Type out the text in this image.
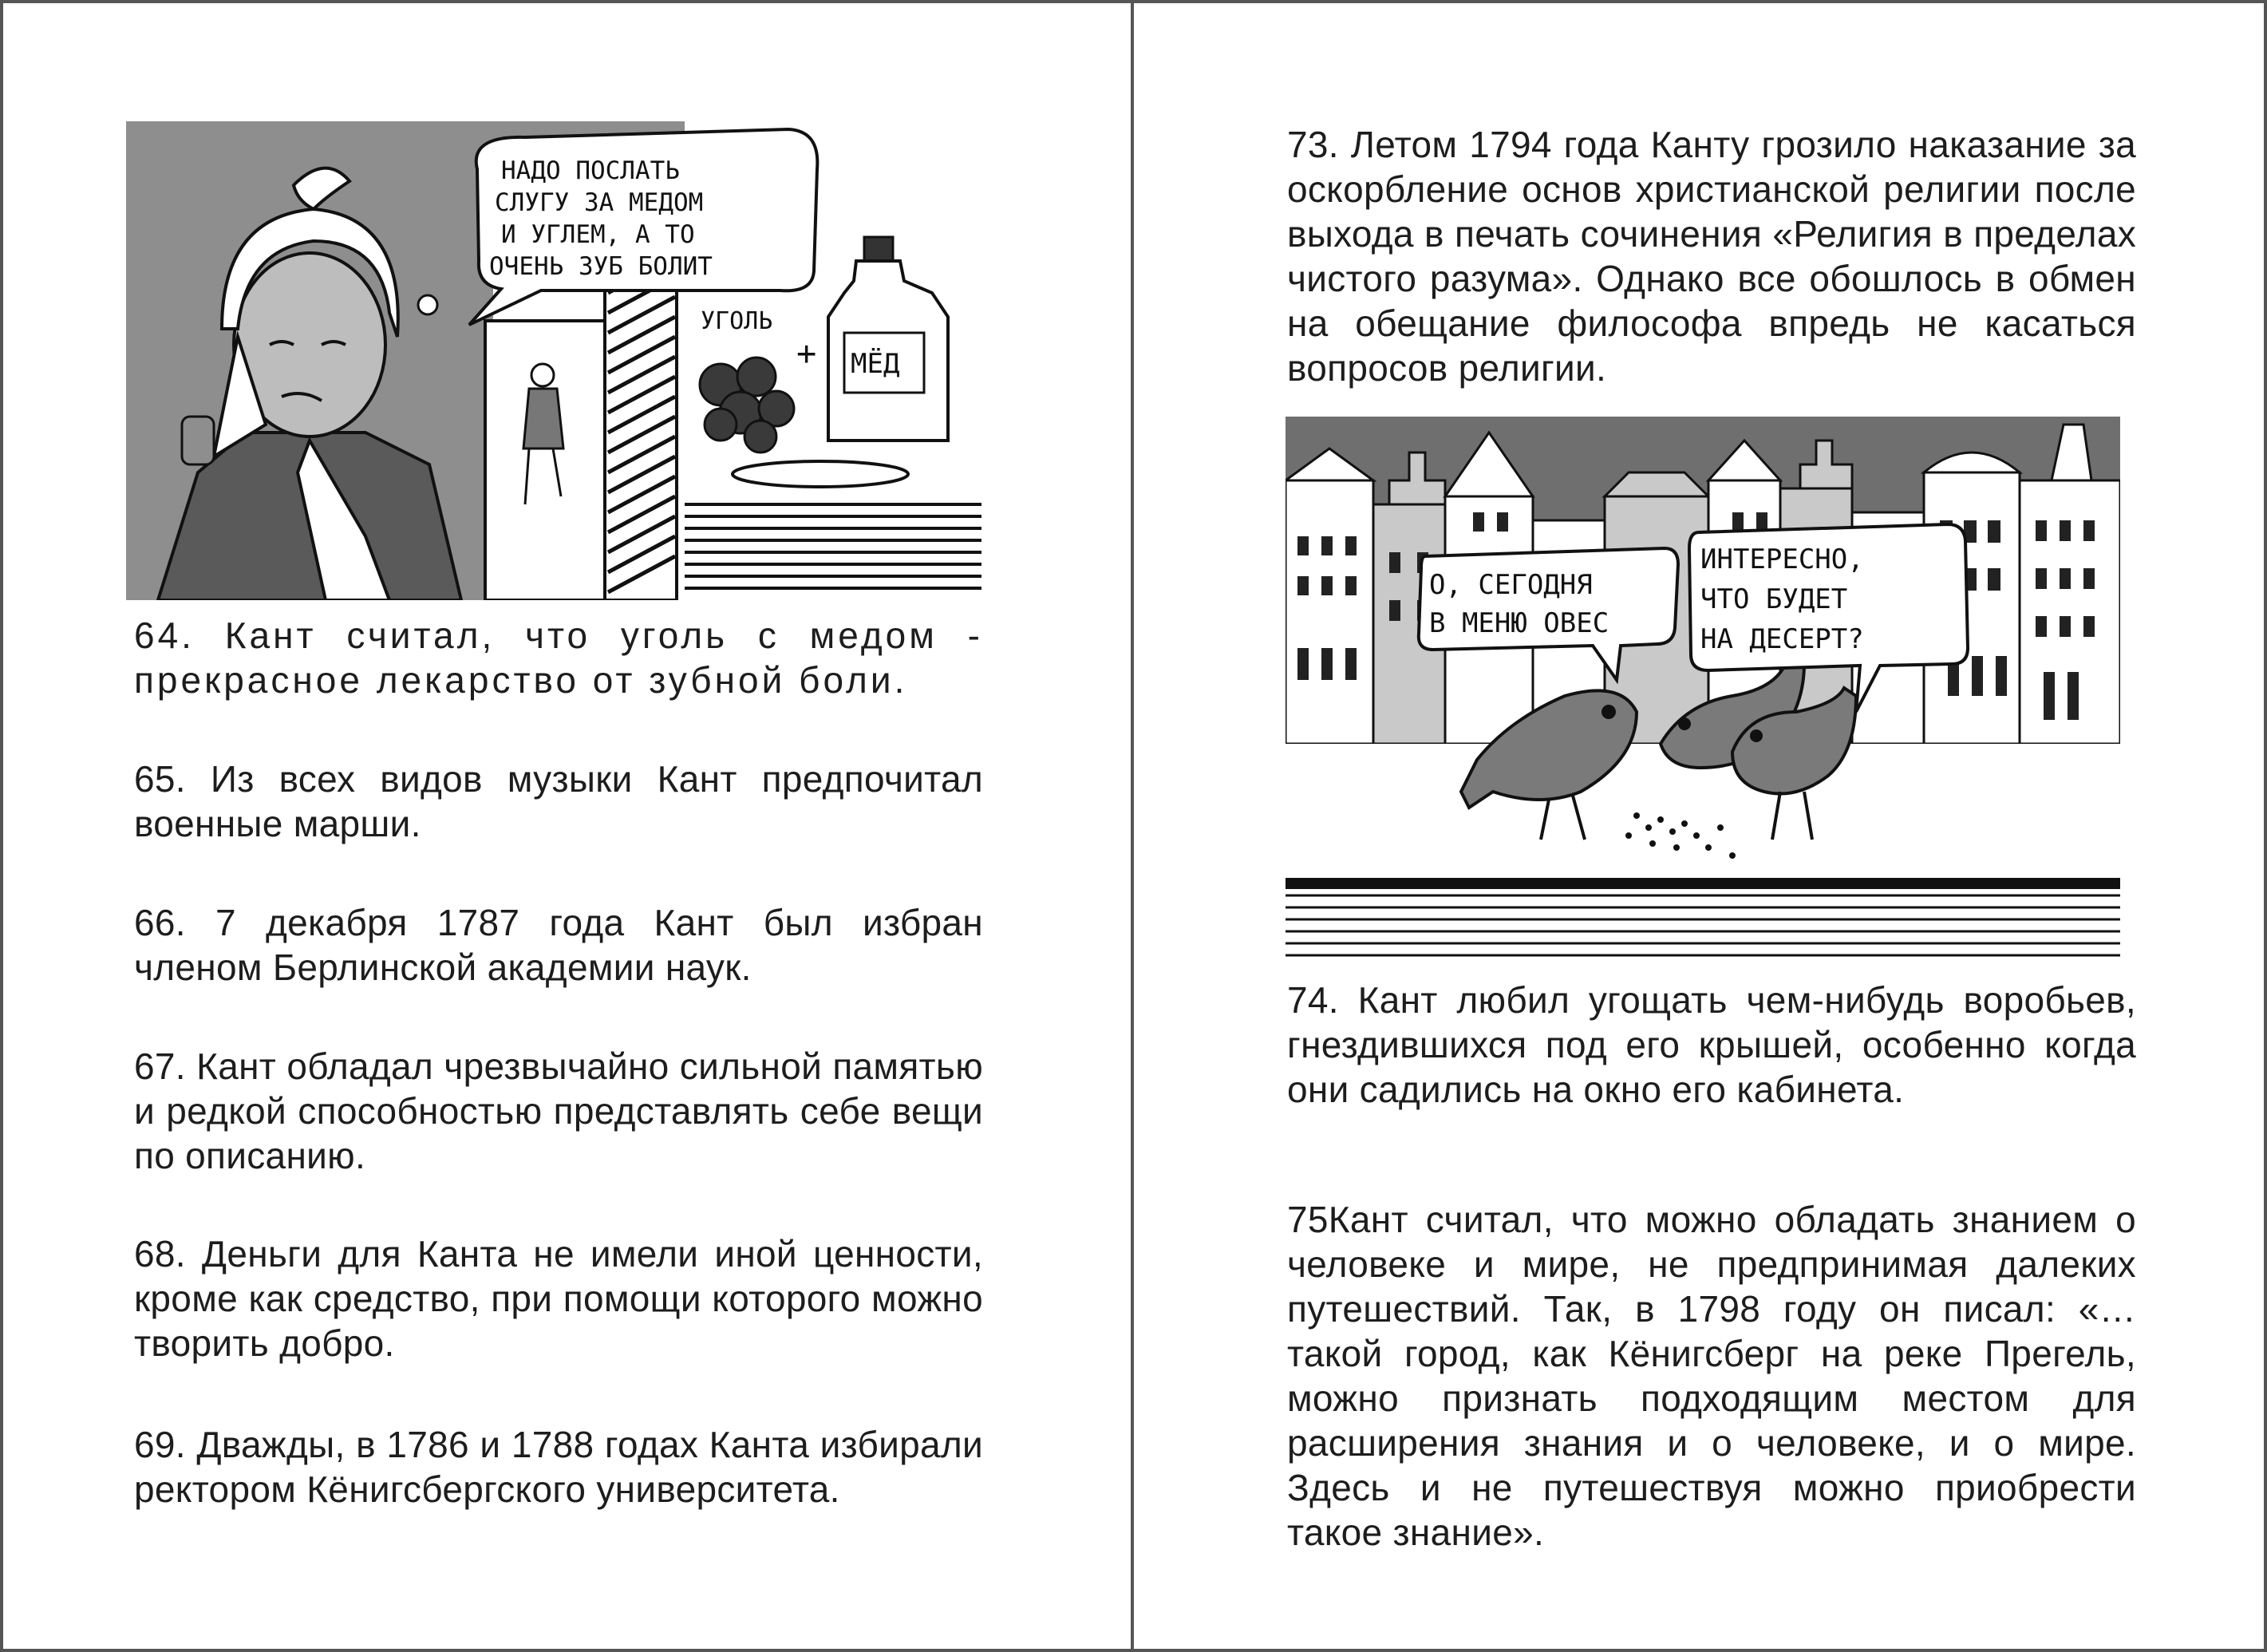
УГОЛЬ
+ МЁД
НАДО ПОСЛАТЬ СЛУГУ ЗА МЕДОМ И УГЛЕМ, А ТО ОЧЕНЬ ЗУБ БОЛИТ

64. Кант считал, что уголь с медом - прекрасное лекарство от зубной боли.

65. Из всех видов музыки Кант предпочитал военные марши.

66. 7 декабря 1787 года Кант был избран членом Берлинской академии наук.

67. Кант обладал чрезвычайно сильной памятью и редкой способностью представлять себе вещи по описанию.

68. Деньги для Канта не имели иной ценности, кроме как средство, при помощи которого можно творить добро.

69. Дважды, в 1786 и 1788 годах Канта избирали ректором Кёнигсбергского университета.

73. Летом 1794 года Канту грозило наказание за оскорбление основ христианской религии после выхода в печать сочинения «Религия в пределах чистого разума». Однако все обошлось в обмен на обещание философа впредь не касаться вопросов религии.

О, СЕГОДНЯ В МЕНЮ ОВЕС
ИНТЕРЕСНО, ЧТО БУДЕТ НА ДЕСЕРТ?

74. Кант любил угощать чем-нибудь воробьев, гнездившихся под его крышей, особенно когда они садились на окно его кабинета.

75Кант считал, что можно обладать знанием о человеке и мире, не предпринимая далеких путешествий. Так, в 1798 году он писал: «…такой город, как Кёнигсберг на реке Прегель, можно признать подходящим местом для расширения знания и о человеке, и о мире. Здесь и не путешествуя можно приобрести такое знание».
